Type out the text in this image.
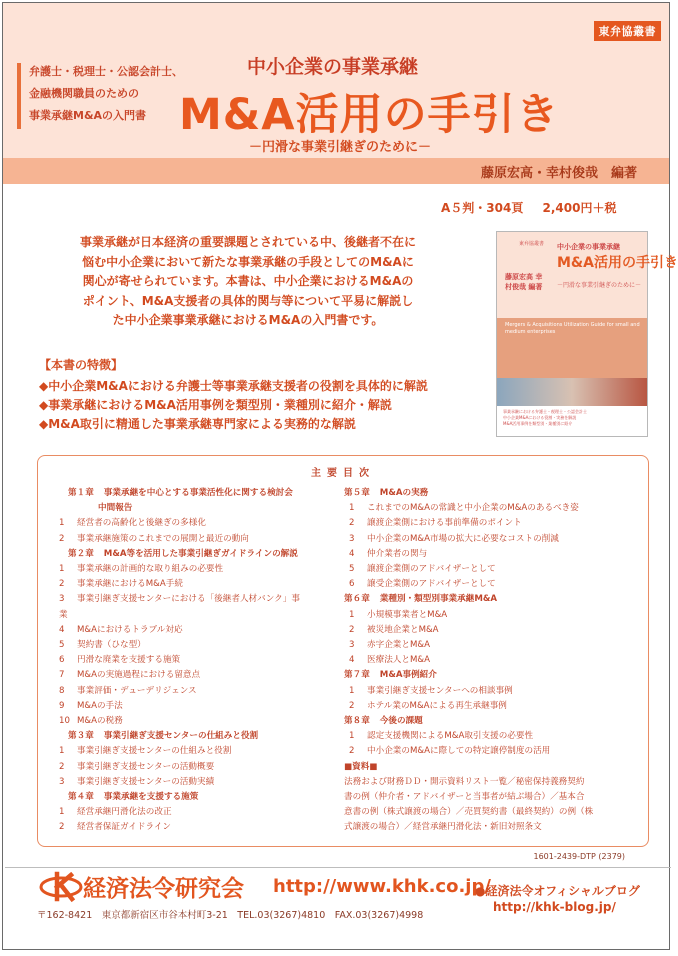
東弁協叢書
弁護士・税理士・公認会計士、
金融機関職員のための
事業承継M&Aの入門書
中小企業の事業承継
M&A活用の手引き
－円滑な事業引継ぎのために－
藤原宏高・幸村俊哉　編著
A５判・304頁　 2,400円＋税
事業承継が日本経済の重要課題とされている中、後継者不在に
悩む中小企業において新たな事業承継の手段としてのM&Aに
関心が寄せられています。本書は、中小企業におけるM&Aの
ポイント、M&A支援者の具体的関与等について平易に解説し
た中小企業事業承継におけるM&Aの入門書です。
東弁協叢書 中小企業の事業承継
M&A活用の手引き
－円滑な事業引継ぎのために－
藤原宏高 幸村俊哉 編著
Mergers & Acquisitions Utilization Guide for small and medium enterprises
事業承継における弁護士・税理士・公認会計士
中小企業M&Aにおける役割・実務を解説
M&A活用事例を類型別・業種別に紹介
【本書の特徴】
◆中小企業M&Aにおける弁護士等事業承継支援者の役割を具体的に解説
◆事業承継におけるM&A活用事例を類型別・業種別に紹介・解説
◆M&A取引に精通した事業承継専門家による実務的な解説
主要目次
第１章 事業承継を中心とする事業活性化に関する検討会
中間報告
1 経営者の高齢化と後継ぎの多様化
2 事業承継施策のこれまでの展開と最近の動向
第２章 M&A等を活用した事業引継ぎガイドラインの解説
1 事業承継の計画的な取り組みの必要性
2 事業承継におけるM&A手続
3 事業引継ぎ支援センターにおける「後継者人材バンク」事
業
4 M&Aにおけるトラブル対応
5 契約書（ひな型）
6 円滑な廃業を支援する施策
7 M&Aの実施過程における留意点
8 事業評価・デューデリジェンス
9 M&Aの手法
10 M&Aの税務
第３章 事業引継ぎ支援センターの仕組みと役割
1 事業引継ぎ支援センターの仕組みと役割
2 事業引継ぎ支援センターの活動概要
3 事業引継ぎ支援センターの活動実績
第４章 事業承継を支援する施策
1 経営承継円滑化法の改正
2 経営者保証ガイドライン
第５章 M&Aの実務
1 これまでのM&Aの常識と中小企業のM&Aのあるべき姿
2 譲渡企業側における事前準備のポイント
3 中小企業のM&A市場の拡大に必要なコストの削減
4 仲介業者の関与
5 譲渡企業側のアドバイザーとして
6 譲受企業側のアドバイザーとして
第６章 業種別・類型別事業承継M&A
1 小規模事業者とM&A
2 被災地企業とM&A
3 赤字企業とM&A
4 医療法人とM&A
第７章 M&A事例紹介
1 事業引継ぎ支援センターへの相談事例
2 ホテル業のM&Aによる再生承継事例
第８章 今後の課題
1 認定支援機関によるM&A取引支援の必要性
2 中小企業のM&Aに際しての特定譲停制度の活用
■資料■
法務および財務ＤＤ・開示資料リスト一覧／秘密保持義務契約
書の例（仲介者・アドバイザーと当事者が結ぶ場合）／基本合
意書の例（株式譲渡の場合）／売買契約書（最終契約）の例（株
式譲渡の場合）／経営承継円滑化法・新旧対照条文
1601-2439-DTP (2379)
経済法令研究会 http://www.khk.co.jp/
●経済法令オフィシャルブログ
http://khk-blog.jp/
〒162-8421　東京都新宿区市谷本村町3-21　TEL.03(3267)4810　FAX.03(3267)4998
